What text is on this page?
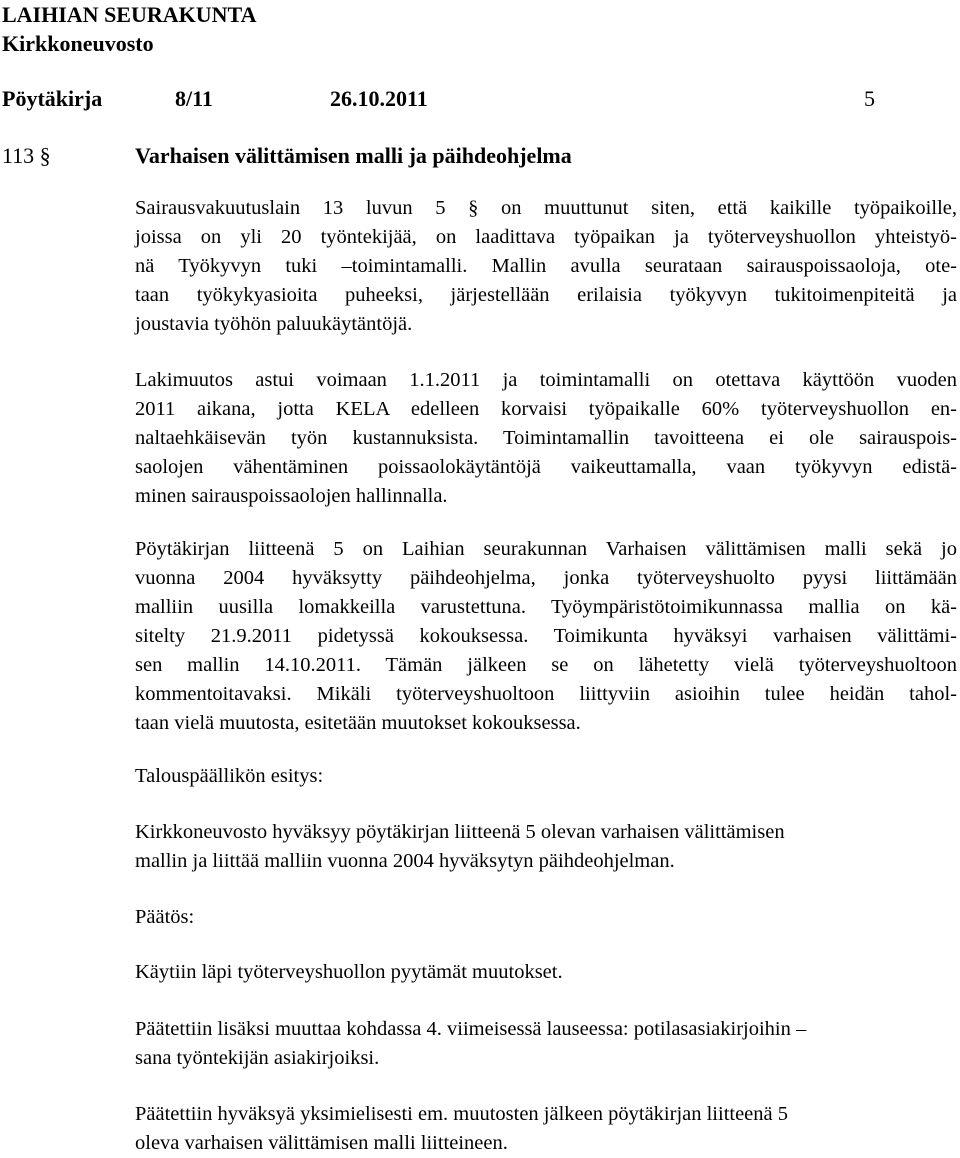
LAIHIAN SEURAKUNTA
Kirkkoneuvosto
Pöytäkirja	8/11	26.10.2011	5
113 §	Varhaisen välittämisen malli ja päihdeohjelma
Sairausvakuutuslain 13 luvun 5 § on muuttunut siten, että kaikille työpaikoille,
joissa on yli 20 työntekijää, on laadittava työpaikan ja työterveyshuollon yhteistyö-
nä Työkyvyn tuki –toimintamalli. Mallin avulla seurataan sairauspoissaoloja, ote-
taan työkykyasioita puheeksi, järjestellään erilaisia työkyvyn tukitoimenpiteitä ja
joustavia työhön paluukäytäntöjä.
Lakimuutos astui voimaan 1.1.2011 ja toimintamalli on otettava käyttöön vuoden
2011 aikana, jotta KELA edelleen korvaisi työpaikalle 60% työterveyshuollon en-
naltaehkäisevän työn kustannuksista. Toimintamallin tavoitteena ei ole sairauspois-
saolojen vähentäminen poissaolokäytäntöjä vaikeuttamalla, vaan työkyvyn edistä-
minen sairauspoissaolojen hallinnalla.
Pöytäkirjan liitteenä 5 on Laihian seurakunnan Varhaisen välittämisen malli sekä jo
vuonna 2004 hyväksytty päihdeohjelma, jonka työterveyshuolto pyysi liittämään
malliin uusilla lomakkeilla varustettuna. Työympäristötoimikunnassa mallia on kä-
sitelty 21.9.2011 pidetyssä kokouksessa. Toimikunta hyväksyi varhaisen välittämi-
sen mallin 14.10.2011. Tämän jälkeen se on lähetetty vielä työterveyshuoltoon
kommentoitavaksi. Mikäli työterveyshuoltoon liittyviin asioihin tulee heidän tahol-
taan vielä muutosta, esitetään muutokset kokouksessa.
Talouspäällikön esitys:
Kirkkoneuvosto hyväksyy pöytäkirjan liitteenä 5 olevan varhaisen välittämisen
mallin ja liittää malliin vuonna 2004 hyväksytyn päihdeohjelman.
Päätös:
Käytiin läpi työterveyshuollon pyytämät muutokset.
Päätettiin lisäksi muuttaa kohdassa 4. viimeisessä lauseessa: potilasasiakirjoihin –
sana työntekijän asiakirjoiksi.
Päätettiin hyväksyä yksimielisesti em. muutosten jälkeen pöytäkirjan liitteenä 5
oleva varhaisen välittämisen malli liitteineen.
